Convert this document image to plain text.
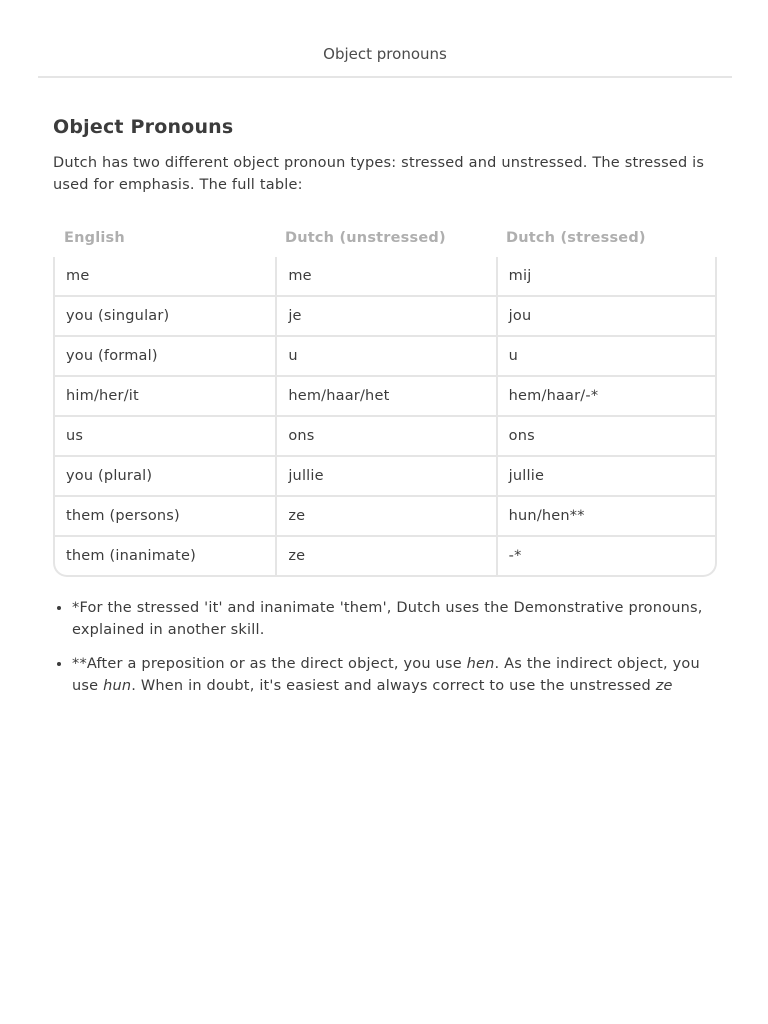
Object pronouns
Object Pronouns

Dutch has two different object pronoun types: stressed and unstressed. The stressed is used for emphasis. The full table:

English	Dutch (unstressed)	Dutch (stressed)
me	me	mij
you (singular)	je	jou
you (formal)	u	u
him/her/it	hem/haar/het	hem/haar/-*
us	ons	ons
you (plural)	jullie	jullie
them (persons)	ze	hun/hen**
them (inanimate)	ze	-*
• *For the stressed 'it' and inanimate 'them', Dutch uses the Demonstrative pronouns, explained in another skill.
• **After a preposition or as the direct object, you use hen. As the indirect object, you use hun. When in doubt, it's easiest and always correct to use the unstressed ze
